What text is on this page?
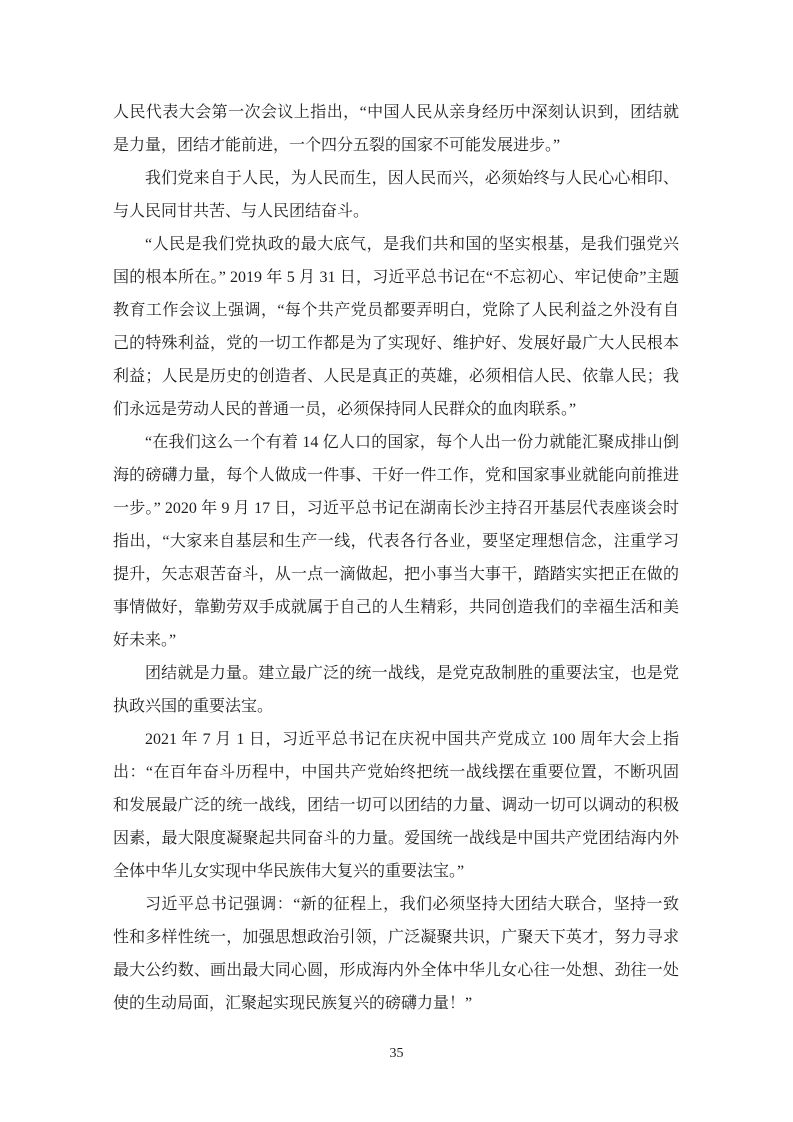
人民代表大会第一次会议上指出，“中国人民从亲身经历中深刻认识到，团结就是力量，团结才能前进，一个四分五裂的国家不可能发展进步。”

我们党来自于人民，为人民而生，因人民而兴，必须始终与人民心心相印、与人民同甘共苦、与人民团结奋斗。

“人民是我们党执政的最大底气，是我们共和国的坚实根基，是我们强党兴国的根本所在。” 2019 年 5 月 31 日，习近平总书记在“不忘初心、牢记使命”主题教育工作会议上强调，“每个共产党员都要弄明白，党除了人民利益之外没有自己的特殊利益，党的一切工作都是为了实现好、维护好、发展好最广大人民根本利益；人民是历史的创造者、人民是真正的英雄，必须相信人民、依靠人民；我们永远是劳动人民的普通一员，必须保持同人民群众的血肉联系。”

“在我们这么一个有着 14 亿人口的国家，每个人出一份力就能汇聚成排山倒海的磅礴力量，每个人做成一件事、干好一件工作，党和国家事业就能向前推进一步。” 2020 年 9 月 17 日，习近平总书记在湖南长沙主持召开基层代表座谈会时指出，“大家来自基层和生产一线，代表各行各业，要坚定理想信念，注重学习提升，矢志艰苦奋斗，从一点一滴做起，把小事当大事干，踏踏实实把正在做的事情做好，靠勤劳双手成就属于自己的人生精彩，共同创造我们的幸福生活和美好未来。”

团结就是力量。建立最广泛的统一战线，是党克敌制胜的重要法宝，也是党执政兴国的重要法宝。

2021 年 7 月 1 日，习近平总书记在庆祝中国共产党成立 100 周年大会上指出：“在百年奋斗历程中，中国共产党始终把统一战线摆在重要位置，不断巩固和发展最广泛的统一战线，团结一切可以团结的力量、调动一切可以调动的积极因素，最大限度凝聚起共同奋斗的力量。爱国统一战线是中国共产党团结海内外全体中华儿女实现中华民族伟大复兴的重要法宝。”

习近平总书记强调：“新的征程上，我们必须坚持大团结大联合，坚持一致性和多样性统一，加强思想政治引领，广泛凝聚共识，广聚天下英才，努力寻求最大公约数、画出最大同心圆，形成海内外全体中华儿女心往一处想、劲往一处使的生动局面，汇聚起实现民族复兴的磅礴力量！”

35
